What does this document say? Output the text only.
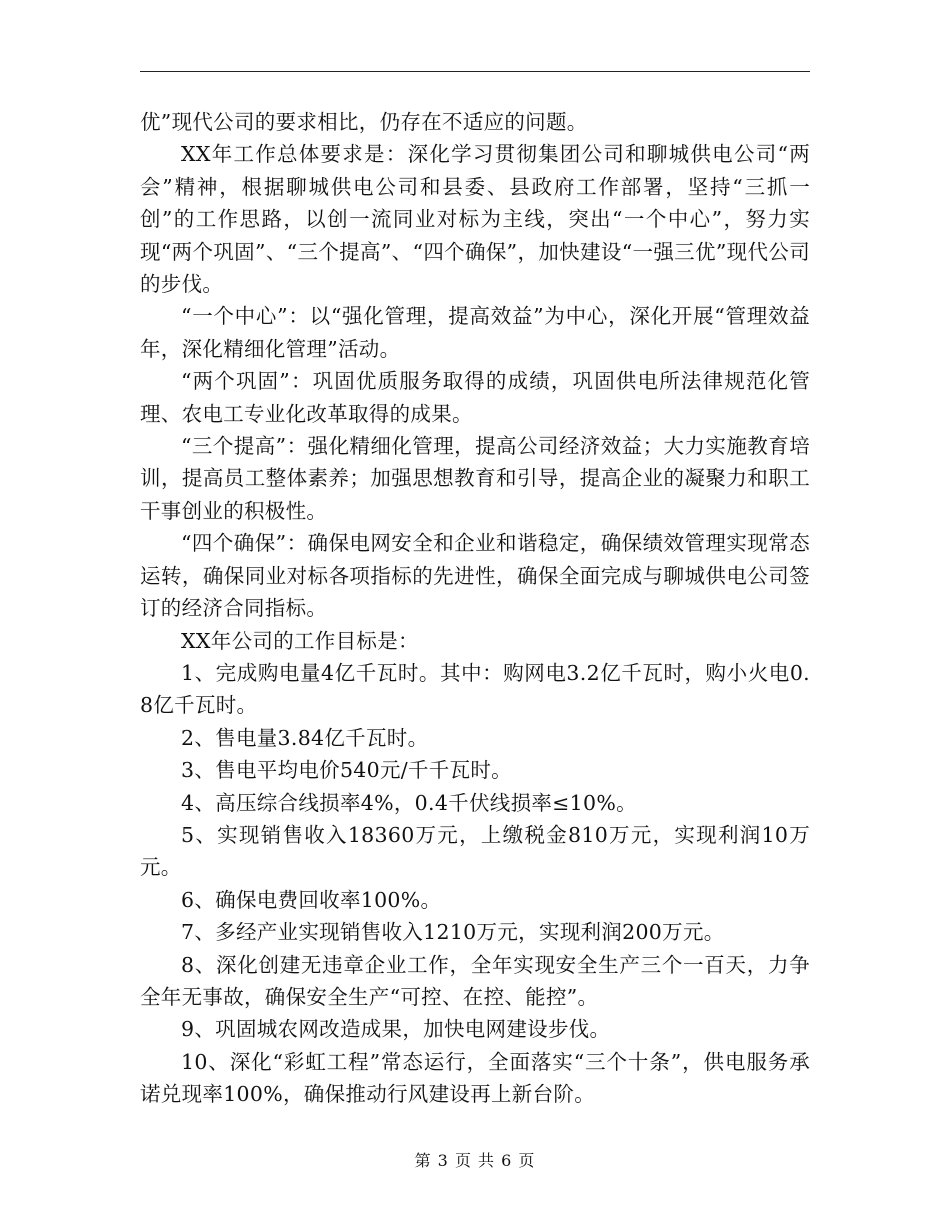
优”现代公司的要求相比，仍存在不适应的问题。

XX年工作总体要求是：深化学习贯彻集团公司和聊城供电公司“两会”精神，根据聊城供电公司和县委、县政府工作部署，坚持“三抓一创”的工作思路，以创一流同业对标为主线，突出“一个中心”，努力实现“两个巩固”、“三个提高”、“四个确保”，加快建设“一强三优”现代公司的步伐。

“一个中心”：以“强化管理，提高效益”为中心，深化开展“管理效益年，深化精细化管理”活动。

“两个巩固”：巩固优质服务取得的成绩，巩固供电所法律规范化管理、农电工专业化改革取得的成果。

“三个提高”：强化精细化管理，提高公司经济效益；大力实施教育培训，提高员工整体素养；加强思想教育和引导，提高企业的凝聚力和职工干事创业的积极性。

“四个确保”：确保电网安全和企业和谐稳定，确保绩效管理实现常态运转，确保同业对标各项指标的先进性，确保全面完成与聊城供电公司签订的经济合同指标。

XX年公司的工作目标是：

1、完成购电量4亿千瓦时。其中：购网电3.2亿千瓦时，购小火电0.8亿千瓦时。

2、售电量3.84亿千瓦时。

3、售电平均电价540元/千千瓦时。

4、高压综合线损率4%，0.4千伏线损率≤10%。

5、实现销售收入18360万元，上缴税金810万元，实现利润10万元。

6、确保电费回收率100%。

7、多经产业实现销售收入1210万元，实现利润200万元。

8、深化创建无违章企业工作，全年实现安全生产三个一百天，力争全年无事故，确保安全生产“可控、在控、能控”。

9、巩固城农网改造成果，加快电网建设步伐。

10、深化“彩虹工程”常态运行，全面落实“三个十条”，供电服务承诺兑现率100%，确保推动行风建设再上新台阶。

第 3 页 共 6 页
